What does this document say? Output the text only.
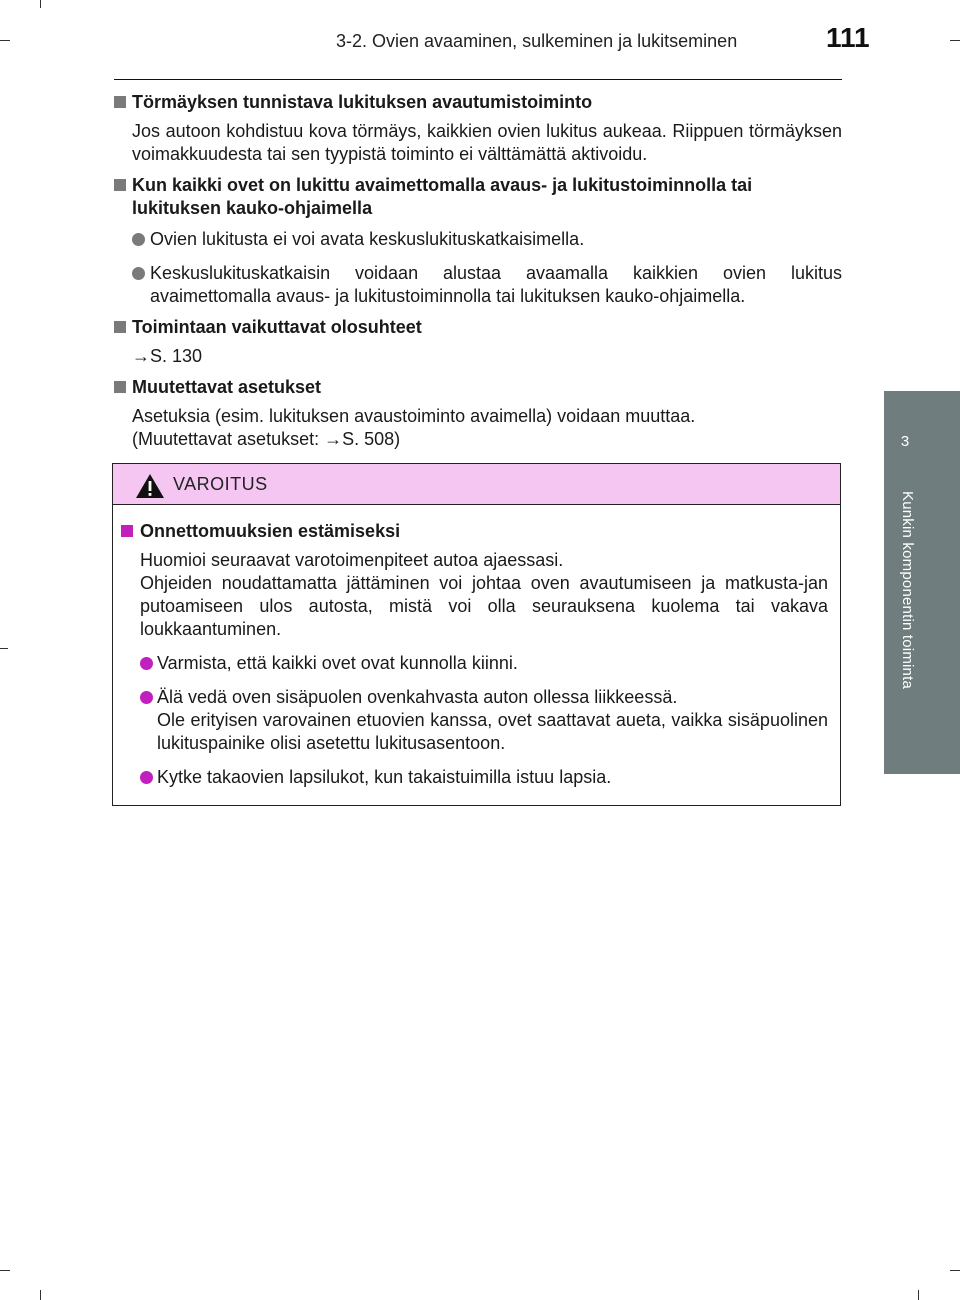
3-2. Ovien avaaminen, sulkeminen ja lukitseminen	111
3
Kunkin komponentin toiminta
Törmäyksen tunnistava lukituksen avautumistoiminto
Jos autoon kohdistuu kova törmäys, kaikkien ovien lukitus aukeaa. Riippuen törmäyksen voimakkuudesta tai sen tyypistä toiminto ei välttämättä aktivoidu.
Kun kaikki ovet on lukittu avaimettomalla avaus- ja lukitustoiminnolla tai lukituksen kauko-ohjaimella
Ovien lukitusta ei voi avata keskuslukituskatkaisimella.
Keskuslukituskatkaisin voidaan alustaa avaamalla kaikkien ovien lukitus avaimettomalla avaus- ja lukitustoiminnolla tai lukituksen kauko-ohjaimella.
Toimintaan vaikuttavat olosuhteet
→S. 130
Muutettavat asetukset
Asetuksia (esim. lukituksen avaustoiminto avaimella) voidaan muuttaa.
(Muutettavat asetukset: →S. 508)
VAROITUS
Onnettomuuksien estämiseksi
Huomioi seuraavat varotoimenpiteet autoa ajaessasi.
Ohjeiden noudattamatta jättäminen voi johtaa oven avautumiseen ja matkusta-jan putoamiseen ulos autosta, mistä voi olla seurauksena kuolema tai vakava loukkaantuminen.
Varmista, että kaikki ovet ovat kunnolla kiinni.
Älä vedä oven sisäpuolen ovenkahvasta auton ollessa liikkeessä.
Ole erityisen varovainen etuovien kanssa, ovet saattavat aueta, vaikka sisäpuolinen lukituspainike olisi asetettu lukitusasentoon.
Kytke takaovien lapsilukot, kun takaistuimilla istuu lapsia.
